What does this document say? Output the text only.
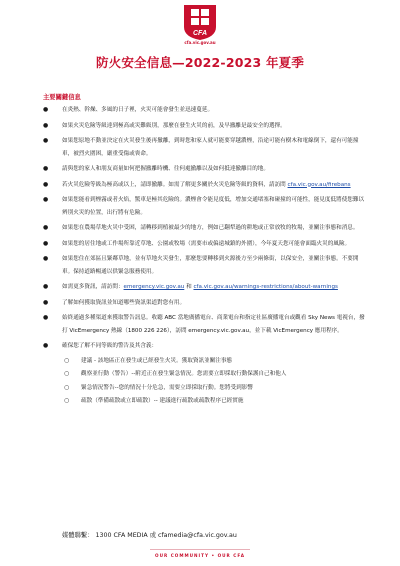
CFA
cfa.vic.gov.au
防火安全信息—2022-2023 年夏季
主要關鍵信息
● 在炎熱、幹燥、多風的日子裡，火災可能會發生並迅速蔓延。
● 如果火災危險等級達到極高或災難級別，那麼在發生火災的前，及早撤離是最安全的選擇。
● 如果您原地不動並決定在火災發生後再撤離，到時您和家人就可能要穿越濃煙，沿途可能有樹木和電線倒下，還有可能撞車，被烈火圍困，嚴重受傷或喪命。
● 請與您的家人和朋友商量如何把握撤離時機、往何處撤離以及如何抵達撤離目的地。
● 若火災危險等級為極高或以上，請即撤離。如需了解更多關於火災危險等級的資料，請訪問 cfa.vic.gov.au/firebans
● 如果您能看到煙霧或者火焰，驚車是極其危險的。濃煙會令能見度低，增加交通堵塞和碰撞的可能性，能見度低將使您難以辨別火災的位置，出行將有危險。
● 如果您在農場草地火災中受困，請轉移到植被最少的地方，例如已翻犁過的耕地或正常放牧的牧場，並關注事態和消息。
● 如果您的居住地或工作場所靠近草地、公園或牧場（需要市或偏遠城鎮的外圍），今年夏天您可能會面臨火災的風險。
● 如果您住在郊區且緊鄰草地，並有草地火災發生，那麼您要轉移到火源後方至少兩條街，以保安全，並關注事態。不要開車。保持道路暢通以供緊急服務使用。
● 如需更多資訊，請訪問：emergency.vic.gov.au 和 cfa.vic.gov.au/warnings-restrictions/about-warnings
● 了解如何獲取資訊並知道哪些資訊渠道對您有用。
● 始終通過多種渠道來獲取警告訊息。收聽 ABC 當地廣播電台、商業電台和指定社區廣播電台或觀看 Sky News 電視台，撥打 VicEmergency 熱線（1800 226 226），訪問 emergency.vic.gov.au，並下載 VicEmergency 應用程序。
● 確保您了解不同等級的警告及其含義：
○ 建議 - 該地區正在發生或已經發生火災。獲取資訊並關注事態
○ 觀察並行動（警告）--附近正在發生緊急情況。您需要立即採取行動保護自己和他人
○ 緊急情況警告--您的情況十分危急，需要立即採取行動。您將受到影響
○ 疏散（準備疏散或立即疏散）-- 建議進行疏散或疏散程序已經實施
媒體聯繫： 1300 CFA MEDIA 或 cfamedia@cfa.vic.gov.au
OUR COMMUNITY • OUR CFA
